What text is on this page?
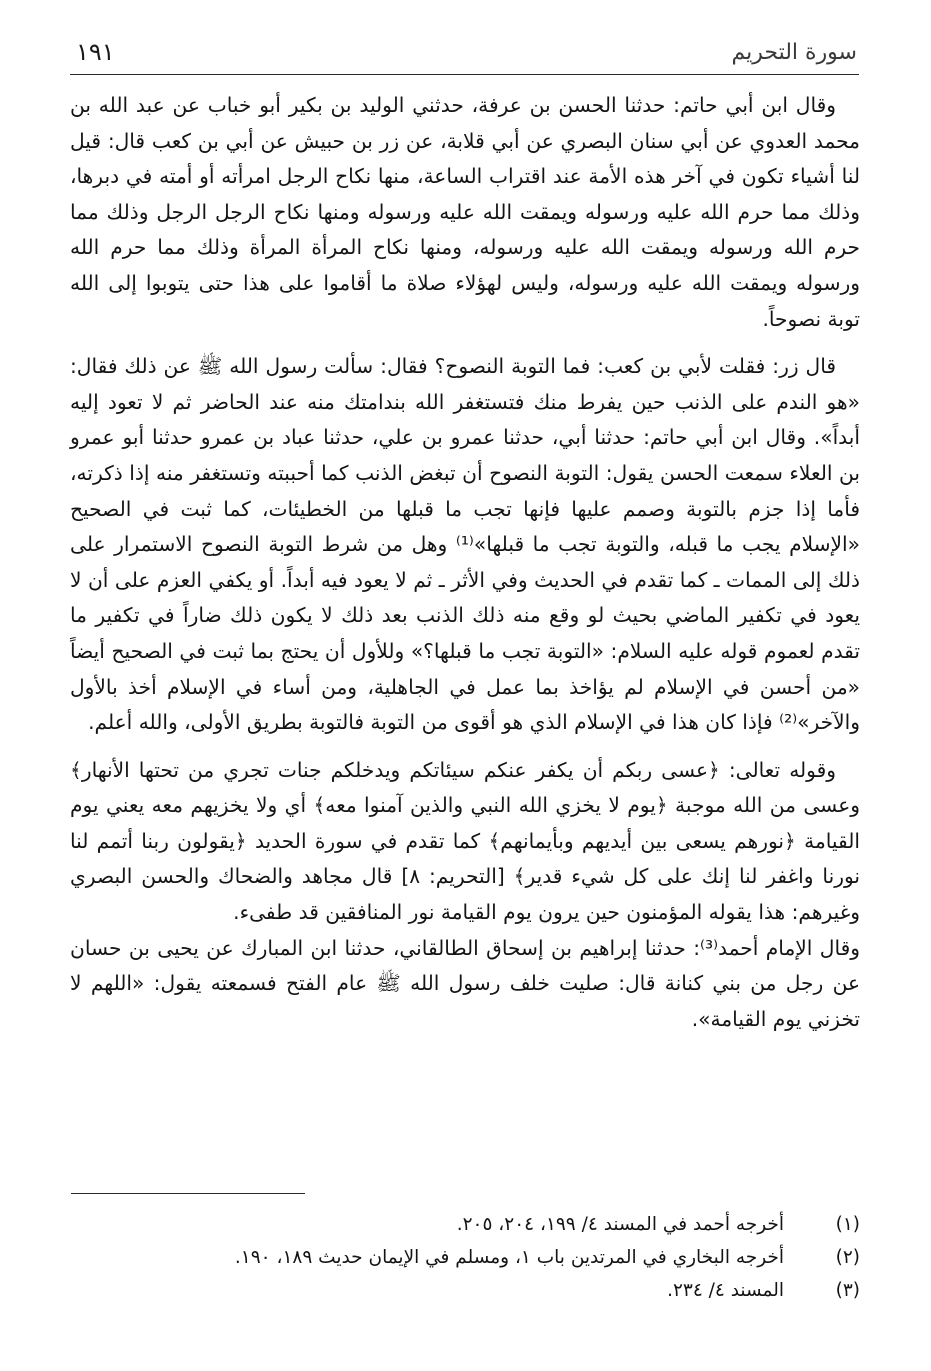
سورة التحريم
١٩١

وقال ابن أبي حاتم: حدثنا الحسن بن عرفة، حدثني الوليد بن بكير أبو خباب عن عبد الله بن محمد العدوي عن أبي سنان البصري عن أبي قلابة، عن زر بن حبيش عن أبي بن كعب قال: قيل لنا أشياء تكون في آخر هذه الأمة عند اقتراب الساعة، منها نكاح الرجل امرأته أو أمته في دبرها، وذلك مما حرم الله عليه ورسوله ويمقت الله عليه ورسوله ومنها نكاح الرجل الرجل وذلك مما حرم الله ورسوله ويمقت الله عليه ورسوله، ومنها نكاح المرأة المرأة وذلك مما حرم الله ورسوله ويمقت الله عليه ورسوله، وليس لهؤلاء صلاة ما أقاموا على هذا حتى يتوبوا إلى الله توبة نصوحاً.

قال زر: فقلت لأبي بن كعب: فما التوبة النصوح؟ فقال: سألت رسول الله ﷺ عن ذلك فقال: «هو الندم على الذنب حين يفرط منك فتستغفر الله بندامتك منه عند الحاضر ثم لا تعود إليه أبداً». وقال ابن أبي حاتم: حدثنا أبي، حدثنا عمرو بن علي، حدثنا عباد بن عمرو حدثنا أبو عمرو بن العلاء سمعت الحسن يقول: التوبة النصوح أن تبغض الذنب كما أحببته وتستغفر منه إذا ذكرته، فأما إذا جزم بالتوبة وصمم عليها فإنها تجب ما قبلها من الخطيئات، كما ثبت في الصحيح «الإسلام يجب ما قبله، والتوبة تجب ما قبلها»⁽¹⁾ وهل من شرط التوبة النصوح الاستمرار على ذلك إلى الممات ـ كما تقدم في الحديث وفي الأثر ـ ثم لا يعود فيه أبداً. أو يكفي العزم على أن لا يعود في تكفير الماضي بحيث لو وقع منه ذلك الذنب بعد ذلك لا يكون ذلك ضاراً في تكفير ما تقدم لعموم قوله عليه السلام: «التوبة تجب ما قبلها؟» وللأول أن يحتج بما ثبت في الصحيح أيضاً «من أحسن في الإسلام لم يؤاخذ بما عمل في الجاهلية، ومن أساء في الإسلام أخذ بالأول والآخر»⁽²⁾ فإذا كان هذا في الإسلام الذي هو أقوى من التوبة فالتوبة بطريق الأولى، والله أعلم.

وقوله تعالى: ﴿عسى ربكم أن يكفر عنكم سيئاتكم ويدخلكم جنات تجري من تحتها الأنهار﴾ وعسى من الله موجبة ﴿يوم لا يخزي الله النبي والذين آمنوا معه﴾ أي ولا يخزيهم معه يعني يوم القيامة ﴿نورهم يسعى بين أيديهم وبأيمانهم﴾ كما تقدم في سورة الحديد ﴿يقولون ربنا أتمم لنا نورنا واغفر لنا إنك على كل شيء قدير﴾ [التحريم: ٨] قال مجاهد والضحاك والحسن البصري وغيرهم: هذا يقوله المؤمنون حين يرون يوم القيامة نور المنافقين قد طفىء.

وقال الإمام أحمد⁽³⁾: حدثنا إبراهيم بن إسحاق الطالقاني، حدثنا ابن المبارك عن يحيى بن حسان عن رجل من بني كنانة قال: صليت خلف رسول الله ﷺ عام الفتح فسمعته يقول: «اللهم لا تخزني يوم القيامة».

(١)
أخرجه أحمد في المسند ٤/ ١٩٩، ٢٠٤، ٢٠٥.
(٢)
أخرجه البخاري في المرتدين باب ١، ومسلم في الإيمان حديث ١٨٩، ١٩٠.
(٣)
المسند ٤/ ٢٣٤.
